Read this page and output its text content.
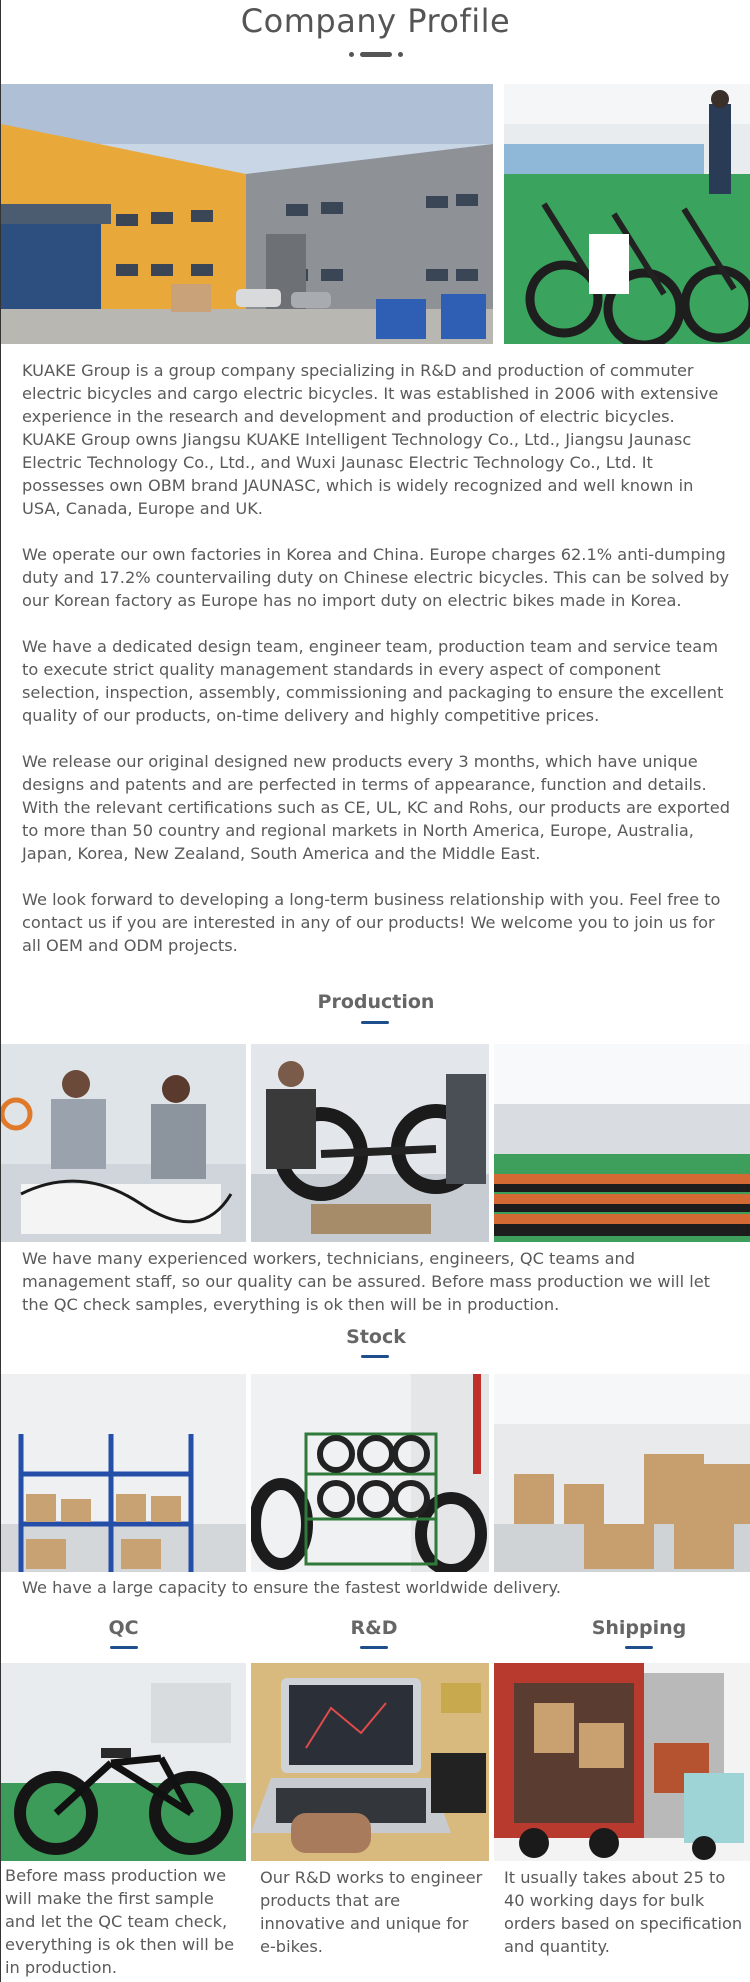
Company Profile

KUAKE Group is a group company specializing in R&D and production of commuter electric bicycles and cargo electric bicycles. It was established in 2006 with extensive experience in the research and development and production of electric bicycles. KUAKE Group owns Jiangsu KUAKE Intelligent Technology Co., Ltd., Jiangsu Jaunasc Electric Technology Co., Ltd., and Wuxi Jaunasc Electric Technology Co., Ltd. It possesses own OBM brand JAUNASC, which is widely recognized and well known in USA, Canada, Europe and UK.

We operate our own factories in Korea and China. Europe charges 62.1% anti-dumping duty and 17.2% countervailing duty on Chinese electric bicycles. This can be solved by our Korean factory as Europe has no import duty on electric bikes made in Korea.

We have a dedicated design team, engineer team, production team and service team to execute strict quality management standards in every aspect of component selection, inspection, assembly, commissioning and packaging to ensure the excellent quality of our products, on-time delivery and highly competitive prices.

We release our original designed new products every 3 months, which have unique designs and patents and are perfected in terms of appearance, function and details. With the relevant certifications such as CE, UL, KC and Rohs, our products are exported to more than 50 country and regional markets in North America, Europe, Australia, Japan, Korea, New Zealand, South America and the Middle East.

We look forward to developing a long-term business relationship with you. Feel free to contact us if you are interested in any of our products! We welcome you to join us for all OEM and ODM projects.

Production
We have many experienced workers, technicians, engineers, QC teams and management staff, so our quality can be assured. Before mass production we will let the QC check samples, everything is ok then will be in production.
Stock
We have a large capacity to ensure the fastest worldwide delivery.
QC	R&D	Shipping
Before mass production we will make the first sample and let the QC team check, everything is ok then will be in production.
Our R&D works to engineer products that are innovative and unique for e-bikes.
It usually takes about 25 to 40 working days for bulk orders based on specification and quantity.
